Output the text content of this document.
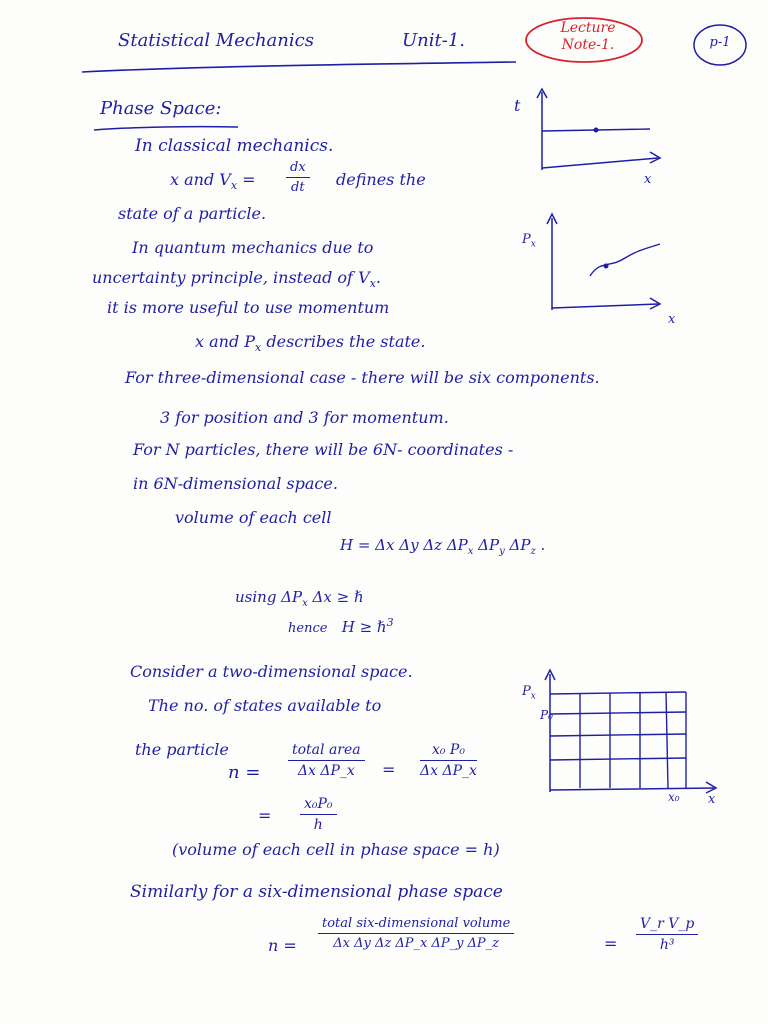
Statistical Mechanics	Unit-1.
Lecture Note-1.	p-1
Phase Space:
In classical mechanics.
x and $V_x = \frac{dx}{dt}$ defines the
state of a particle.
In quantum mechanics due to
uncertainty principle, instead of $V_x$.
it is more useful to use momentum
x and $P_x$ describes the state.
For three-dimensional case - there will be six components.
3 for position and 3 for momentum.
For N particles, there will be 6N- coordinates -
in 6N-dimensional space.
volume of each cell
H = Δx Δy Δz $\Delta P_x$ $\Delta P_y$ $\Delta P_z$ .
using $\Delta P_x$ Δx ≥ ℏ
hence H ≥ ℏ$^3$
Consider a two-dimensional space.
The no. of states available to
the particle
n =
total area
Δx ΔP_x	= $\frac{\text{x₀ P₀}}{\text{Δx ΔP\_x}}$
= $\frac{\text{x₀P₀}}{h}$
(volume of each cell in phase space = h)
Similarly for a six-dimensional phase space
n =
total six-dimensional volume
Δx Δy Δz ΔP_x ΔP_y ΔP_z	= $\frac{\text{V\_r V\_p}}{\text{h³}}$
t
x
$P_x$
x
$P_x$
P₀
x₀ x
